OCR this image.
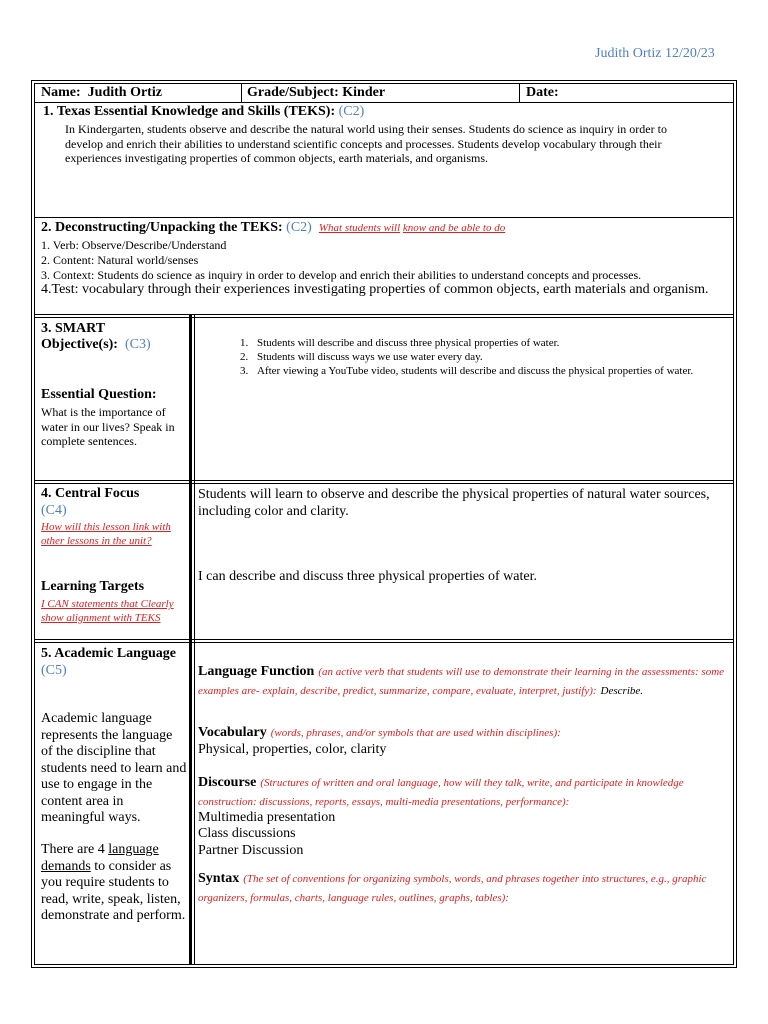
Judith Ortiz 12/20/23
Name: Judith Ortiz	Grade/Subject: Kinder	Date:
1. Texas Essential Knowledge and Skills (TEKS): (C2)
In Kindergarten, students observe and describe the natural world using their senses. Students do science as inquiry in order to develop and enrich their abilities to understand scientific concepts and processes. Students develop vocabulary through their experiences investigating properties of common objects, earth materials, and organisms.
2. Deconstructing/Unpacking the TEKS: (C2) What students will know and be able to do
1. Verb: Observe/Describe/Understand
2. Content: Natural world/senses
3. Context: Students do science as inquiry in order to develop and enrich their abilities to understand concepts and processes.
4.Test: vocabulary through their experiences investigating properties of common objects, earth materials and organism.
3. SMART
Objective(s): (C3)
Essential Question:
What is the importance of water in our lives? Speak in complete sentences.
1. Students will describe and discuss three physical properties of water.
2. Students will discuss ways we use water every day.
3. After viewing a YouTube video, students will describe and discuss the physical properties of water.
4. Central Focus
(C4)
How will this lesson link with other lessons in the unit?
Learning Targets
I CAN statements that Clearly show alignment with TEKS
Students will learn to observe and describe the physical properties of natural water sources, including color and clarity.
I can describe and discuss three physical properties of water.
5. Academic Language
(C5)
Academic language represents the language of the discipline that students need to learn and use to engage in the content area in meaningful ways.
There are 4 language demands to consider as you require students to read, write, speak, listen, demonstrate and perform.
Language Function (an active verb that students will use to demonstrate their learning in the assessments: some examples are- explain, describe, predict, summarize, compare, evaluate, interpret, justify): Describe.
Vocabulary (words, phrases, and/or symbols that are used within disciplines):
Physical, properties, color, clarity
Discourse (Structures of written and oral language, how will they talk, write, and participate in knowledge construction: discussions, reports, essays, multi-media presentations, performance):
Multimedia presentation
Class discussions
Partner Discussion
Syntax (The set of conventions for organizing symbols, words, and phrases together into structures, e.g., graphic organizers, formulas, charts, language rules, outlines, graphs, tables):
